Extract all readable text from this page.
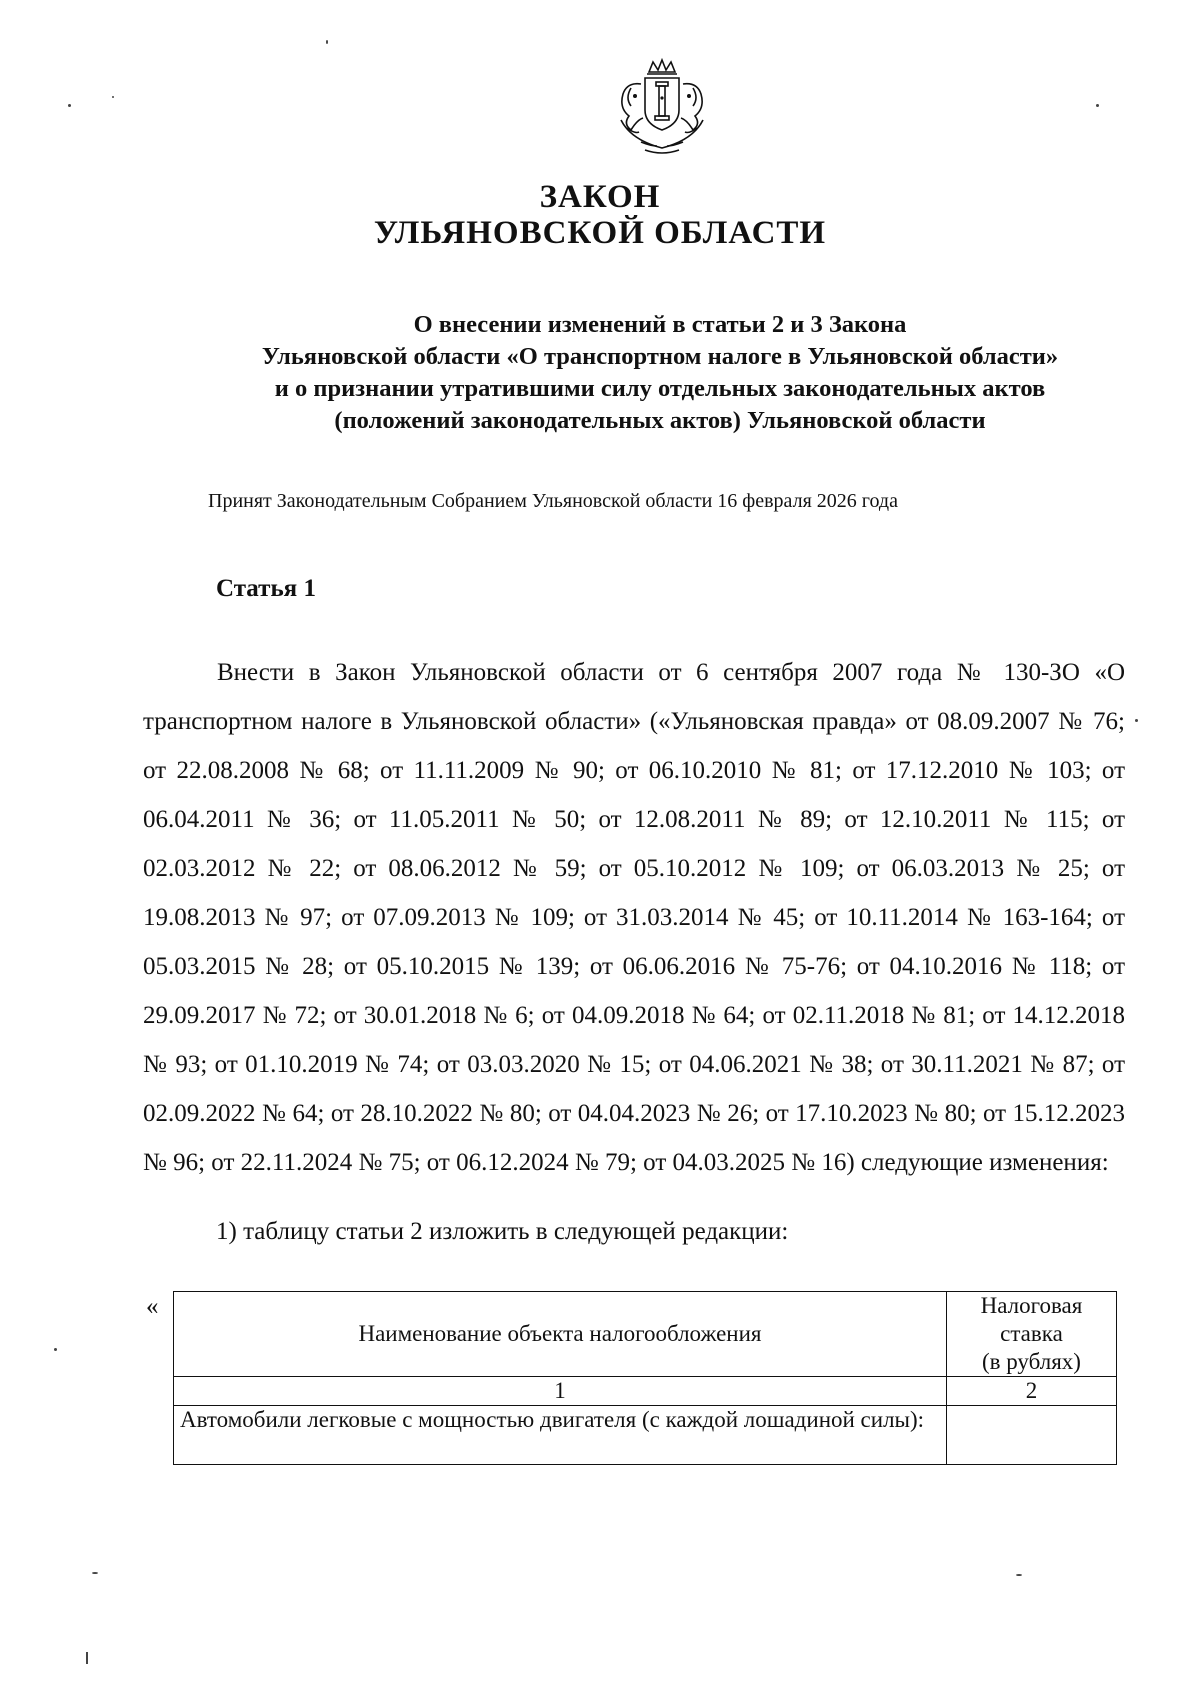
ЗАКОН
УЛЬЯНОВСКОЙ ОБЛАСТИ
О внесении изменений в статьи 2 и 3 Закона
Ульяновской области «О транспортном налоге в Ульяновской области»
и о признании утратившими силу отдельных законодательных актов
(положений законодательных актов) Ульяновской области
Принят Законодательным Собранием Ульяновской области 16 февраля 2026 года
Статья 1

Внести в Закон Ульяновской области от 6 сентября 2007 года № 130-ЗО «О транспортном налоге в Ульяновской области» («Ульяновская правда» от 08.09.2007 № 76; от 22.08.2008 № 68; от 11.11.2009 № 90; от 06.10.2010 № 81; от 17.12.2010 № 103; от 06.04.2011 № 36; от 11.05.2011 № 50; от 12.08.2011 № 89; от 12.10.2011 № 115; от 02.03.2012 № 22; от 08.06.2012 № 59; от 05.10.2012 № 109; от 06.03.2013 № 25; от 19.08.2013 № 97; от 07.09.2013 № 109; от 31.03.2014 № 45; от 10.11.2014 № 163-164; от 05.03.2015 № 28; от 05.10.2015 № 139; от 06.06.2016 № 75-76; от 04.10.2016 № 118; от 29.09.2017 № 72; от 30.01.2018 № 6; от 04.09.2018 № 64; от 02.11.2018 № 81; от 14.12.2018 № 93; от 01.10.2019 № 74; от 03.03.2020 № 15; от 04.06.2021 № 38; от 30.11.2021 № 87; от 02.09.2022 № 64; от 28.10.2022 № 80; от 04.04.2023 № 26; от 17.10.2023 № 80; от 15.12.2023 № 96; от 22.11.2024 № 75; от 06.12.2024 № 79; от 04.03.2025 № 16) следующие изменения:

1) таблицу статьи 2 изложить в следующей редакции:
«
Наименование объекта налогообложения	Налоговая
ставка
(в рублях)

1	2
Автомобили легковые с мощностью двигателя (с каждой лошадиной силы):	
